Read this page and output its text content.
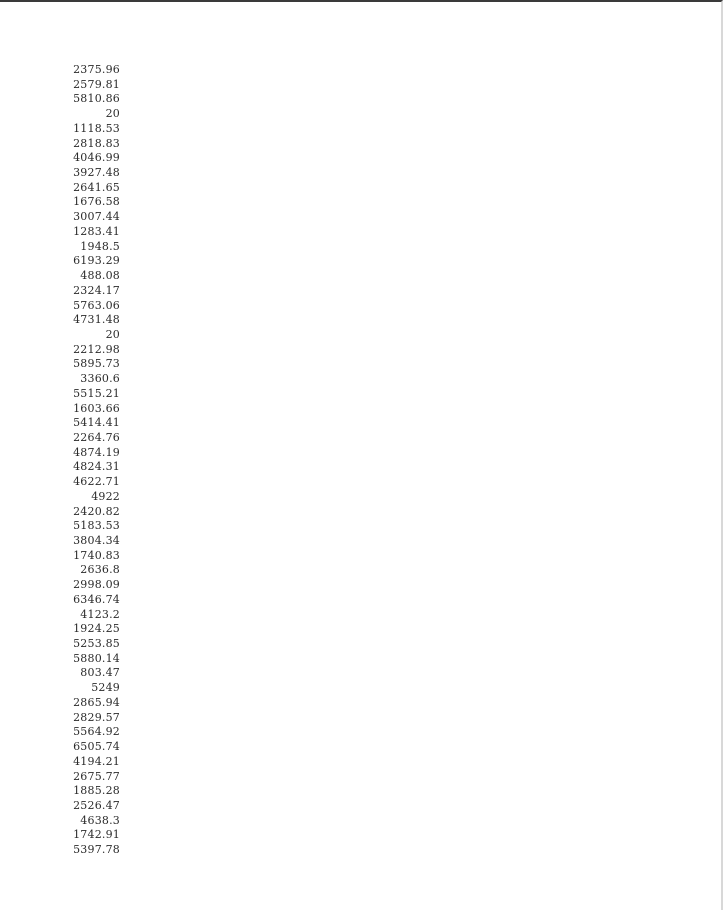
2375.96
2579.81
5810.86
20
1118.53
2818.83
4046.99
3927.48
2641.65
1676.58
3007.44
1283.41
1948.5
6193.29
488.08
2324.17
5763.06
4731.48
20
2212.98
5895.73
3360.6
5515.21
1603.66
5414.41
2264.76
4874.19
4824.31
4622.71
4922
2420.82
5183.53
3804.34
1740.83
2636.8
2998.09
6346.74
4123.2
1924.25
5253.85
5880.14
803.47
5249
2865.94
2829.57
5564.92
6505.74
4194.21
2675.77
1885.28
2526.47
4638.3
1742.91
5397.78
